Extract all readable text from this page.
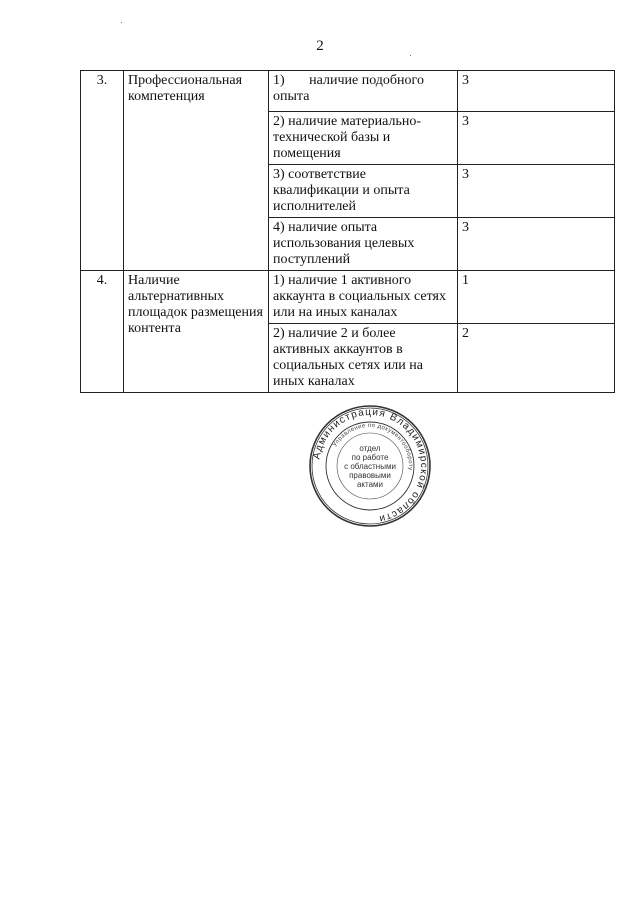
2
3.	Профессиональная компетенция	1)       наличие подобного опыта	3
		2) наличие материально-технической базы и помещения	3
		3) соответствие квалификации и опыта исполнителей	3
		4) наличие опыта использования целевых поступлений	3
4.	Наличие альтернативных площадок размещения контента	1) наличие 1 активного аккаунта в социальных сетях или на иных каналах	1
		2) наличие 2 и более активных аккаунтов в социальных сетях или на иных каналах	2
Администрация Владимирской области
Управление по документообороту
отдел
по работе
с областными
правовыми
актами
